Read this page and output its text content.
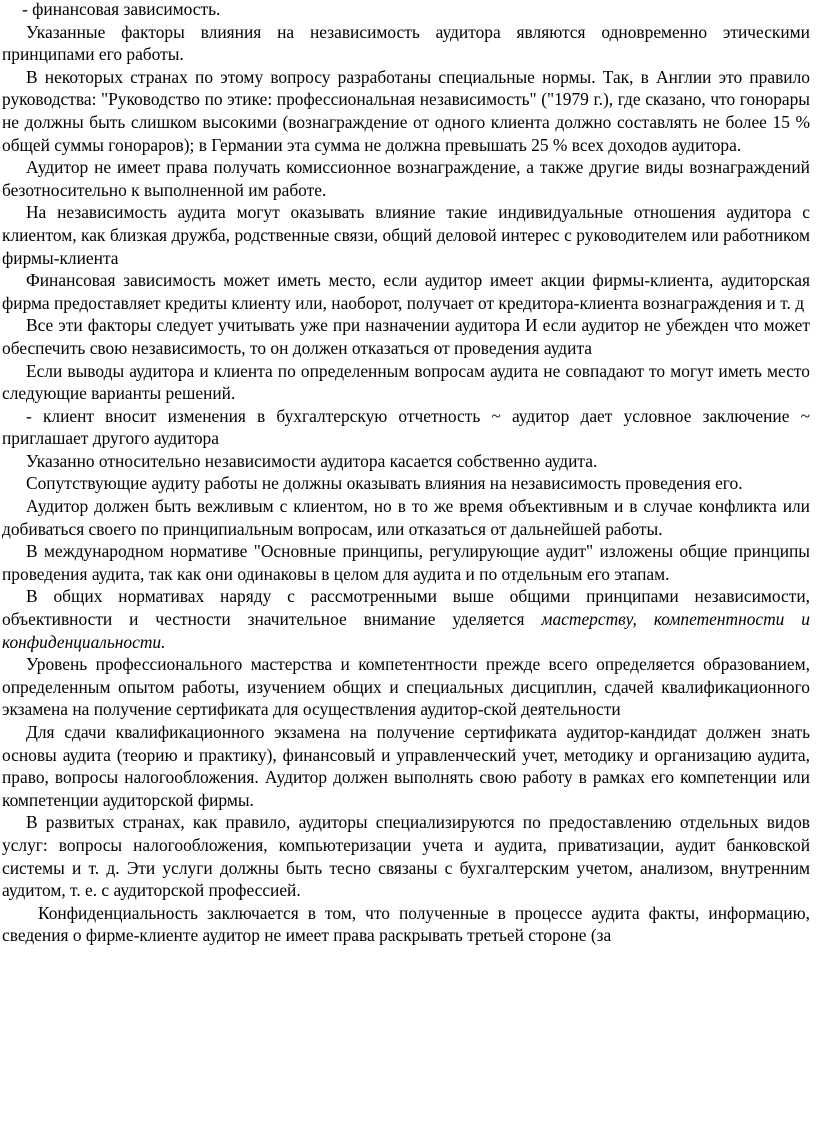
- финансовая зависимость.

Указанные факторы влияния на независимость аудитора являются одновременно этическими принципами его работы.

В некоторых странах по этому вопросу разработаны специальные нормы. Так, в Англии это правило руководства: "Руководство по этике: профессиональная независимость" ("1979 г.), где сказано, что гонорары не должны быть слишком высокими (вознаграждение от одного клиента должно составлять не более 15 % общей суммы гонораров); в Германии эта сумма не должна превышать 25 % всех доходов аудитора.

Аудитор не имеет права получать комиссионное вознаграждение, а также другие виды вознаграждений безотносительно к выполненной им работе.

На независимость аудита могут оказывать влияние такие индивидуальные отношения аудитора с клиентом, как близкая дружба, родственные связи, общий деловой интерес с руководителем или работником фирмы-клиента

Финансовая зависимость может иметь место, если аудитор имеет акции фирмы-клиента, аудиторская фирма предоставляет кредиты клиенту или, наоборот, получает от кредитора-клиента вознаграждения и т. д

Все эти факторы следует учитывать уже при назначении аудитора И если аудитор не убежден что может обеспечить свою независимость, то он должен отказаться от проведения аудита

Если выводы аудитора и клиента по определенным вопросам аудита не совпадают то могут иметь место следующие варианты решений.

- клиент вносит изменения в бухгалтерскую отчетность ~ аудитор дает условное заключение ~ приглашает другого аудитора

Указанно относительно независимости аудитора касается собственно аудита.

Сопутствующие аудиту работы не должны оказывать влияния на независимость проведения его.

Аудитор должен быть вежливым с клиентом, но в то же время объективным и в случае конфликта или добиваться своего по принципиальным вопросам, или отказаться от дальнейшей работы.

В международном нормативе "Основные принципы, регулирующие аудит" изложены общие принципы проведения аудита, так как они одинаковы в целом для аудита и по отдельным его этапам.

В общих нормативах наряду с рассмотренными выше общими принципами независимости, объективности и честности значительное внимание уделяется мастерству, компетентности и конфиденциальности.

Уровень профессионального мастерства и компетентности прежде всего определяется образованием, определенным опытом работы, изучением общих и специальных дисциплин, сдачей квалификационного экзамена на получение сертификата для осуществления аудитор-ской деятельности

Для сдачи квалификационного экзамена на получение сертификата аудитор-кандидат должен знать основы аудита (теорию и практику), финансовый и управленческий учет, методику и организацию аудита, право, вопросы налогообложения. Аудитор должен выполнять свою работу в рамках его компетенции или компетенции аудиторской фирмы.

В развитых странах, как правило, аудиторы специализируются по предоставлению отдельных видов услуг: вопросы налогообложения, компьютеризации учета и аудита, приватизации, аудит банковской системы и т. д. Эти услуги должны быть тесно связаны с бухгалтерским учетом, анализом, внутренним аудитом, т. е. с аудиторской профессией.

Конфиденциальность заключается в том, что полученные в процессе аудита факты, информацию, сведения о фирме-клиенте аудитор не имеет права раскрывать третьей стороне (за
